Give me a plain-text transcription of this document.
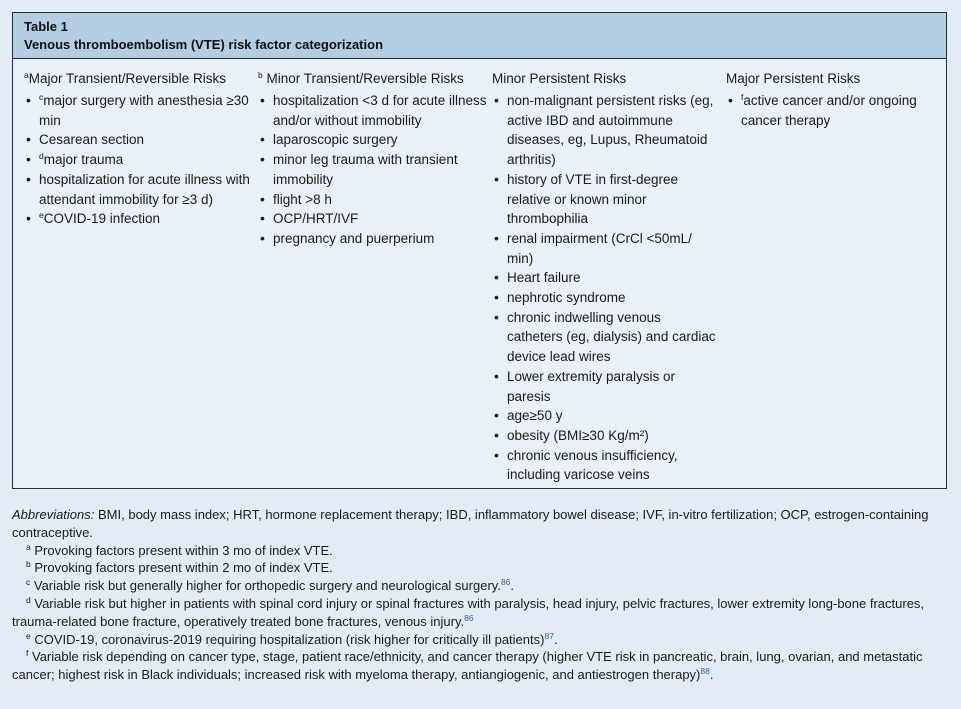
Table 1
Venous thromboembolism (VTE) risk factor categorization
$^a$Major Transient/Reversible Risks
• $^c$major surgery with anesthesia ≥30 min
• Cesarean section
• $^d$major trauma
• hospitalization for acute illness with attendant immobility for ≥3 d)
• $^e$COVID-19 infection
$^b$ Minor Transient/Reversible Risks
• hospitalization <3 d for acute illness and/or without immobility
• laparoscopic surgery
• minor leg trauma with transient immobility
• flight >8 h
• OCP/HRT/IVF
• pregnancy and puerperium
Minor Persistent Risks
• non-malignant persistent risks (eg, active IBD and autoimmune diseases, eg, Lupus, Rheumatoid arthritis)
• history of VTE in first-degree relative or known minor thrombophilia
• renal impairment (CrCl <50mL/ min)
• Heart failure
• nephrotic syndrome
• chronic indwelling venous catheters (eg, dialysis) and cardiac device lead wires
• Lower extremity paralysis or paresis
• age≥50 y
• obesity (BMI≥30 Kg/m²)
• chronic venous insufficiency, including varicose veins
Major Persistent Risks
• $^f$active cancer and/or ongoing cancer therapy

Abbreviations: BMI, body mass index; HRT, hormone replacement therapy; IBD, inflammatory bowel disease; IVF, in-vitro fertilization; OCP, estrogen-containing contraceptive.

$^a$ Provoking factors present within 3 mo of index VTE.

$^b$ Provoking factors present within 2 mo of index VTE.

$^c$ Variable risk but generally higher for orthopedic surgery and neurological surgery.$^{86}$.

$^d$ Variable risk but higher in patients with spinal cord injury or spinal fractures with paralysis, head injury, pelvic fractures, lower extremity long-bone fractures, trauma-related bone fracture, operatively treated bone fractures, venous injury.$^{86}$

$^e$ COVID-19, coronavirus-2019 requiring hospitalization (risk higher for critically ill patients)$^{87}$.

$^f$ Variable risk depending on cancer type, stage, patient race/ethnicity, and cancer therapy (higher VTE risk in pancreatic, brain, lung, ovarian, and metastatic cancer; highest risk in Black individuals; increased risk with myeloma therapy, antiangiogenic, and antiestrogen therapy)$^{88}$.
